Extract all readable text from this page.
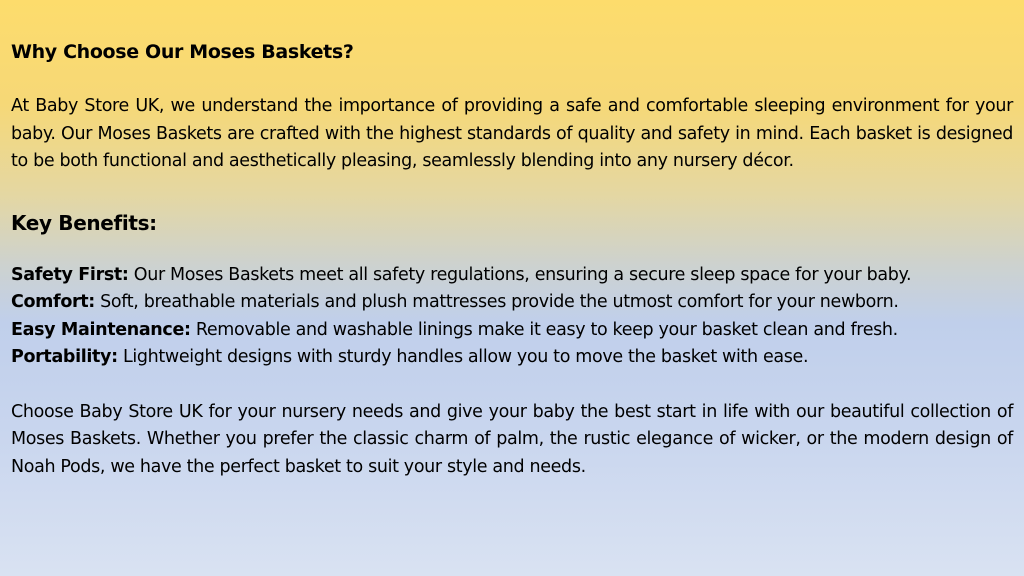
Why Choose Our Moses Baskets?

At Baby Store UK, we understand the importance of providing a safe and comfortable sleeping environment for your baby. Our Moses Baskets are crafted with the highest standards of quality and safety in mind. Each basket is designed to be both functional and aesthetically pleasing, seamlessly blending into any nursery décor.

Key Benefits:
Safety First: Our Moses Baskets meet all safety regulations, ensuring a secure sleep space for your baby.
Comfort: Soft, breathable materials and plush mattresses provide the utmost comfort for your newborn.
Easy Maintenance: Removable and washable linings make it easy to keep your basket clean and fresh.
Portability: Lightweight designs with sturdy handles allow you to move the basket with ease.

Choose Baby Store UK for your nursery needs and give your baby the best start in life with our beautiful collection of Moses Baskets. Whether you prefer the classic charm of palm, the rustic elegance of wicker, or the modern design of Noah Pods, we have the perfect basket to suit your style and needs.
